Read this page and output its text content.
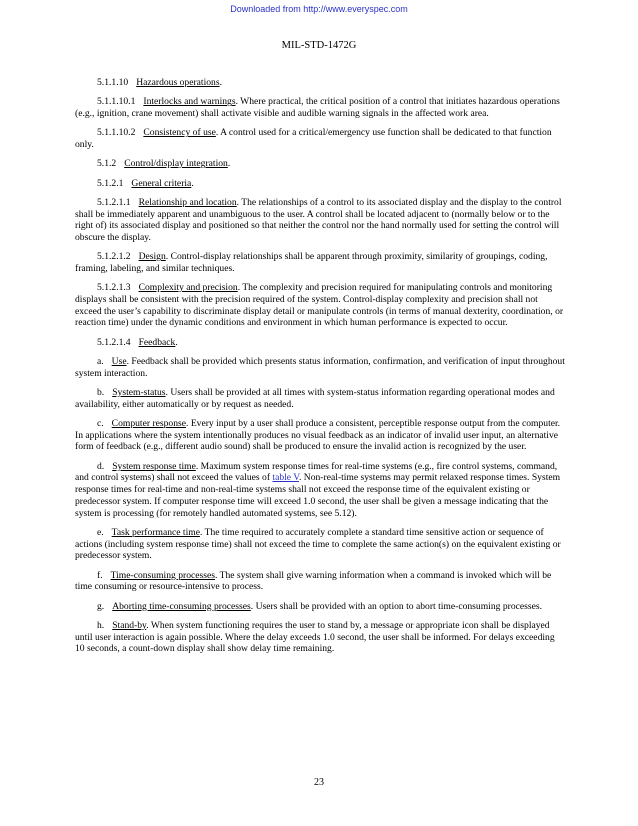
Downloaded from http://www.everyspec.com
MIL-STD-1472G

5.1.1.10 Hazardous operations.

5.1.1.10.1 Interlocks and warnings. Where practical, the critical position of a control that initiates hazardous operations (e.g., ignition, crane movement) shall activate visible and audible warning signals in the affected work area.

5.1.1.10.2 Consistency of use. A control used for a critical/emergency use function shall be dedicated to that function only.

5.1.2 Control/display integration.

5.1.2.1 General criteria.

5.1.2.1.1 Relationship and location. The relationships of a control to its associated display and the display to the control shall be immediately apparent and unambiguous to the user. A control shall be located adjacent to (normally below or to the right of) its associated display and positioned so that neither the control nor the hand normally used for setting the control will obscure the display.

5.1.2.1.2 Design. Control-display relationships shall be apparent through proximity, similarity of groupings, coding, framing, labeling, and similar techniques.

5.1.2.1.3 Complexity and precision. The complexity and precision required for manipulating controls and monitoring displays shall be consistent with the precision required of the system. Control-display complexity and precision shall not exceed the user’s capability to discriminate display detail or manipulate controls (in terms of manual dexterity, coordination, or reaction time) under the dynamic conditions and environment in which human performance is expected to occur.

5.1.2.1.4 Feedback.

a. Use. Feedback shall be provided which presents status information, confirmation, and verification of input throughout system interaction.

b. System-status. Users shall be provided at all times with system-status information regarding operational modes and availability, either automatically or by request as needed.

c. Computer response. Every input by a user shall produce a consistent, perceptible response output from the computer. In applications where the system intentionally produces no visual feedback as an indicator of invalid user input, an alternative form of feedback (e.g., different audio sound) shall be produced to ensure the invalid action is recognized by the user.

d. System response time. Maximum system response times for real-time systems (e.g., fire control systems, command, and control systems) shall not exceed the values of table V. Non-real-time systems may permit relaxed response times. System response times for real-time and non-real-time systems shall not exceed the response time of the equivalent existing or predecessor system. If computer response time will exceed 1.0 second, the user shall be given a message indicating that the system is processing (for remotely handled automated systems, see 5.12).

e. Task performance time. The time required to accurately complete a standard time sensitive action or sequence of actions (including system response time) shall not exceed the time to complete the same action(s) on the equivalent existing or predecessor system.

f. Time-consuming processes. The system shall give warning information when a command is invoked which will be time consuming or resource-intensive to process.

g. Aborting time-consuming processes. Users shall be provided with an option to abort time-consuming processes.

h. Stand-by. When system functioning requires the user to stand by, a message or appropriate icon shall be displayed until user interaction is again possible. Where the delay exceeds 1.0 second, the user shall be informed. For delays exceeding 10 seconds, a count-down display shall show delay time remaining.

23
